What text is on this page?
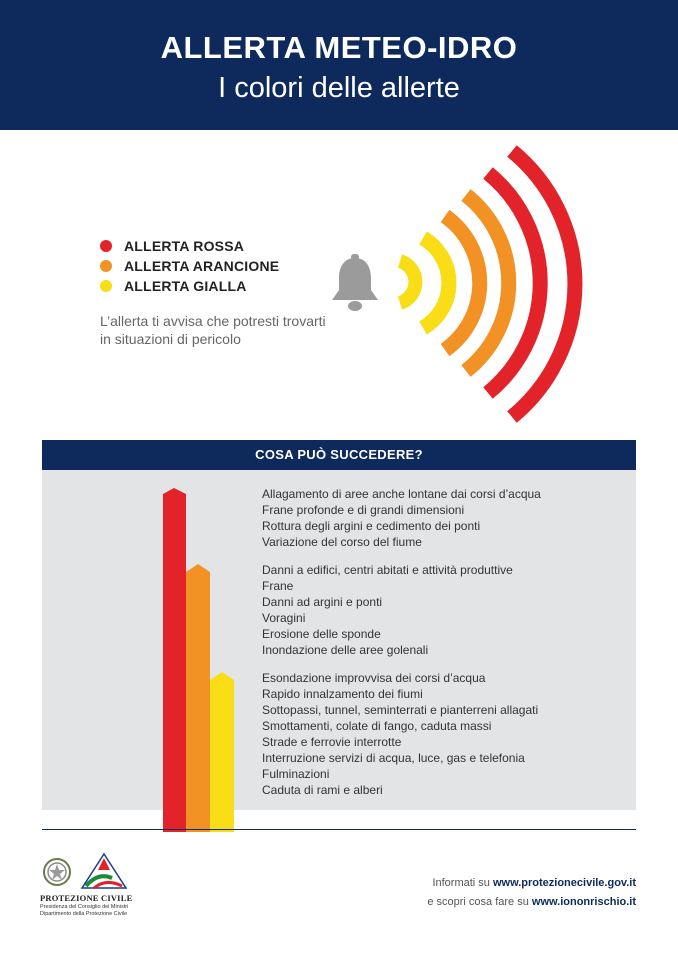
ALLERTA METEO-IDRO
I colori delle allerte
ALLERTA ROSSA
ALLERTA ARANCIONE
ALLERTA GIALLA
L’allerta ti avvisa che potresti trovarti in situazioni di pericolo
COSA PUÒ SUCCEDERE?
Allagamento di aree anche lontane dai corsi d’acqua
Frane profonde e di grandi dimensioni
Rottura degli argini e cedimento dei ponti
Variazione del corso del fiume
Danni a edifici, centri abitati e attività produttive
Frane
Danni ad argini e ponti
Voragini
Erosione delle sponde
Inondazione delle aree golenali
Esondazione improvvisa dei corsi d’acqua
Rapido innalzamento dei fiumi
Sottopassi, tunnel, seminterrati e pianterreni allagati
Smottamenti, colate di fango, caduta massi
Strade e ferrovie interrotte
Interruzione servizi di acqua, luce, gas e telefonia
Fulminazioni
Caduta di rami e alberi
PROTEZIONE CIVILE
Presidenza del Consiglio dei Ministri
Dipartimento della Protezione Civile
Informati su www.protezionecivile.gov.it
e scopri cosa fare su www.iononrischio.it
